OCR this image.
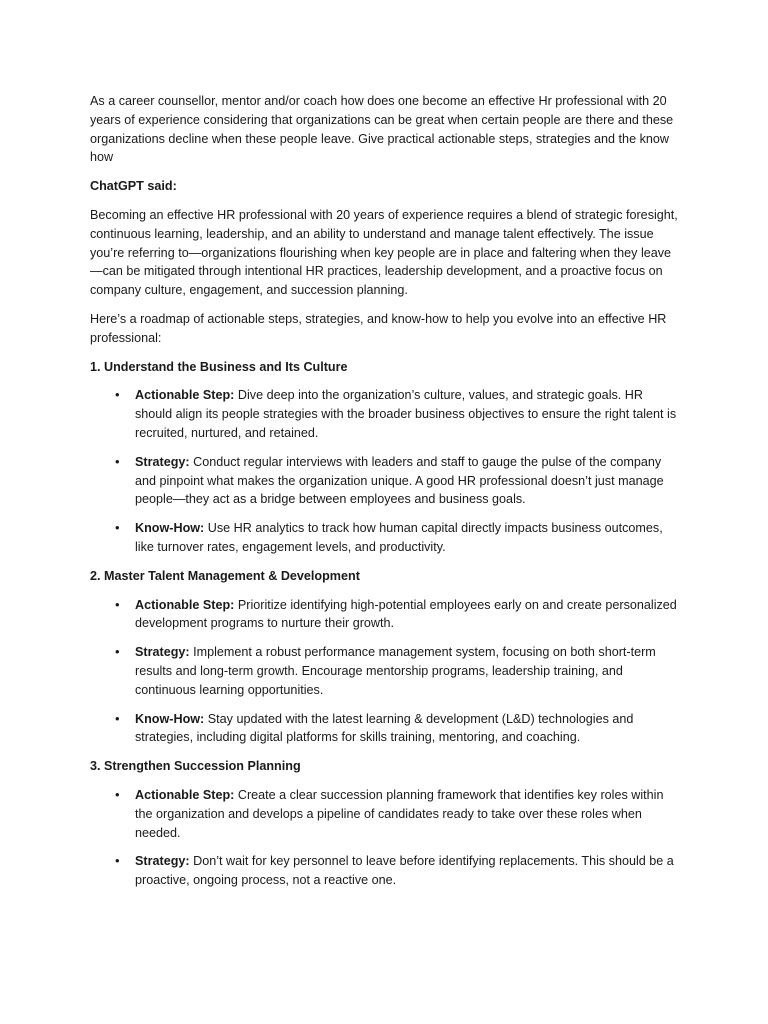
As a career counsellor, mentor and/or coach how does one become an effective Hr professional with 20 years of experience considering that organizations can be great when certain people are there and these organizations decline when these people leave. Give practical actionable steps, strategies and the know how

ChatGPT said:

Becoming an effective HR professional with 20 years of experience requires a blend of strategic foresight, continuous learning, leadership, and an ability to understand and manage talent effectively. The issue you’re referring to—organizations flourishing when key people are in place and faltering when they leave—can be mitigated through intentional HR practices, leadership development, and a proactive focus on company culture, engagement, and succession planning.

Here’s a roadmap of actionable steps, strategies, and know-how to help you evolve into an effective HR professional:

1. Understand the Business and Its Culture
• Actionable Step: Dive deep into the organization’s culture, values, and strategic goals. HR should align its people strategies with the broader business objectives to ensure the right talent is recruited, nurtured, and retained.
• Strategy: Conduct regular interviews with leaders and staff to gauge the pulse of the company and pinpoint what makes the organization unique. A good HR professional doesn’t just manage people—they act as a bridge between employees and business goals.
• Know-How: Use HR analytics to track how human capital directly impacts business outcomes, like turnover rates, engagement levels, and productivity.
2. Master Talent Management & Development
• Actionable Step: Prioritize identifying high-potential employees early on and create personalized development programs to nurture their growth.
• Strategy: Implement a robust performance management system, focusing on both short-term results and long-term growth. Encourage mentorship programs, leadership training, and continuous learning opportunities.
• Know-How: Stay updated with the latest learning & development (L&D) technologies and strategies, including digital platforms for skills training, mentoring, and coaching.
3. Strengthen Succession Planning
• Actionable Step: Create a clear succession planning framework that identifies key roles within the organization and develops a pipeline of candidates ready to take over these roles when needed.
• Strategy: Don’t wait for key personnel to leave before identifying replacements. This should be a proactive, ongoing process, not a reactive one.
